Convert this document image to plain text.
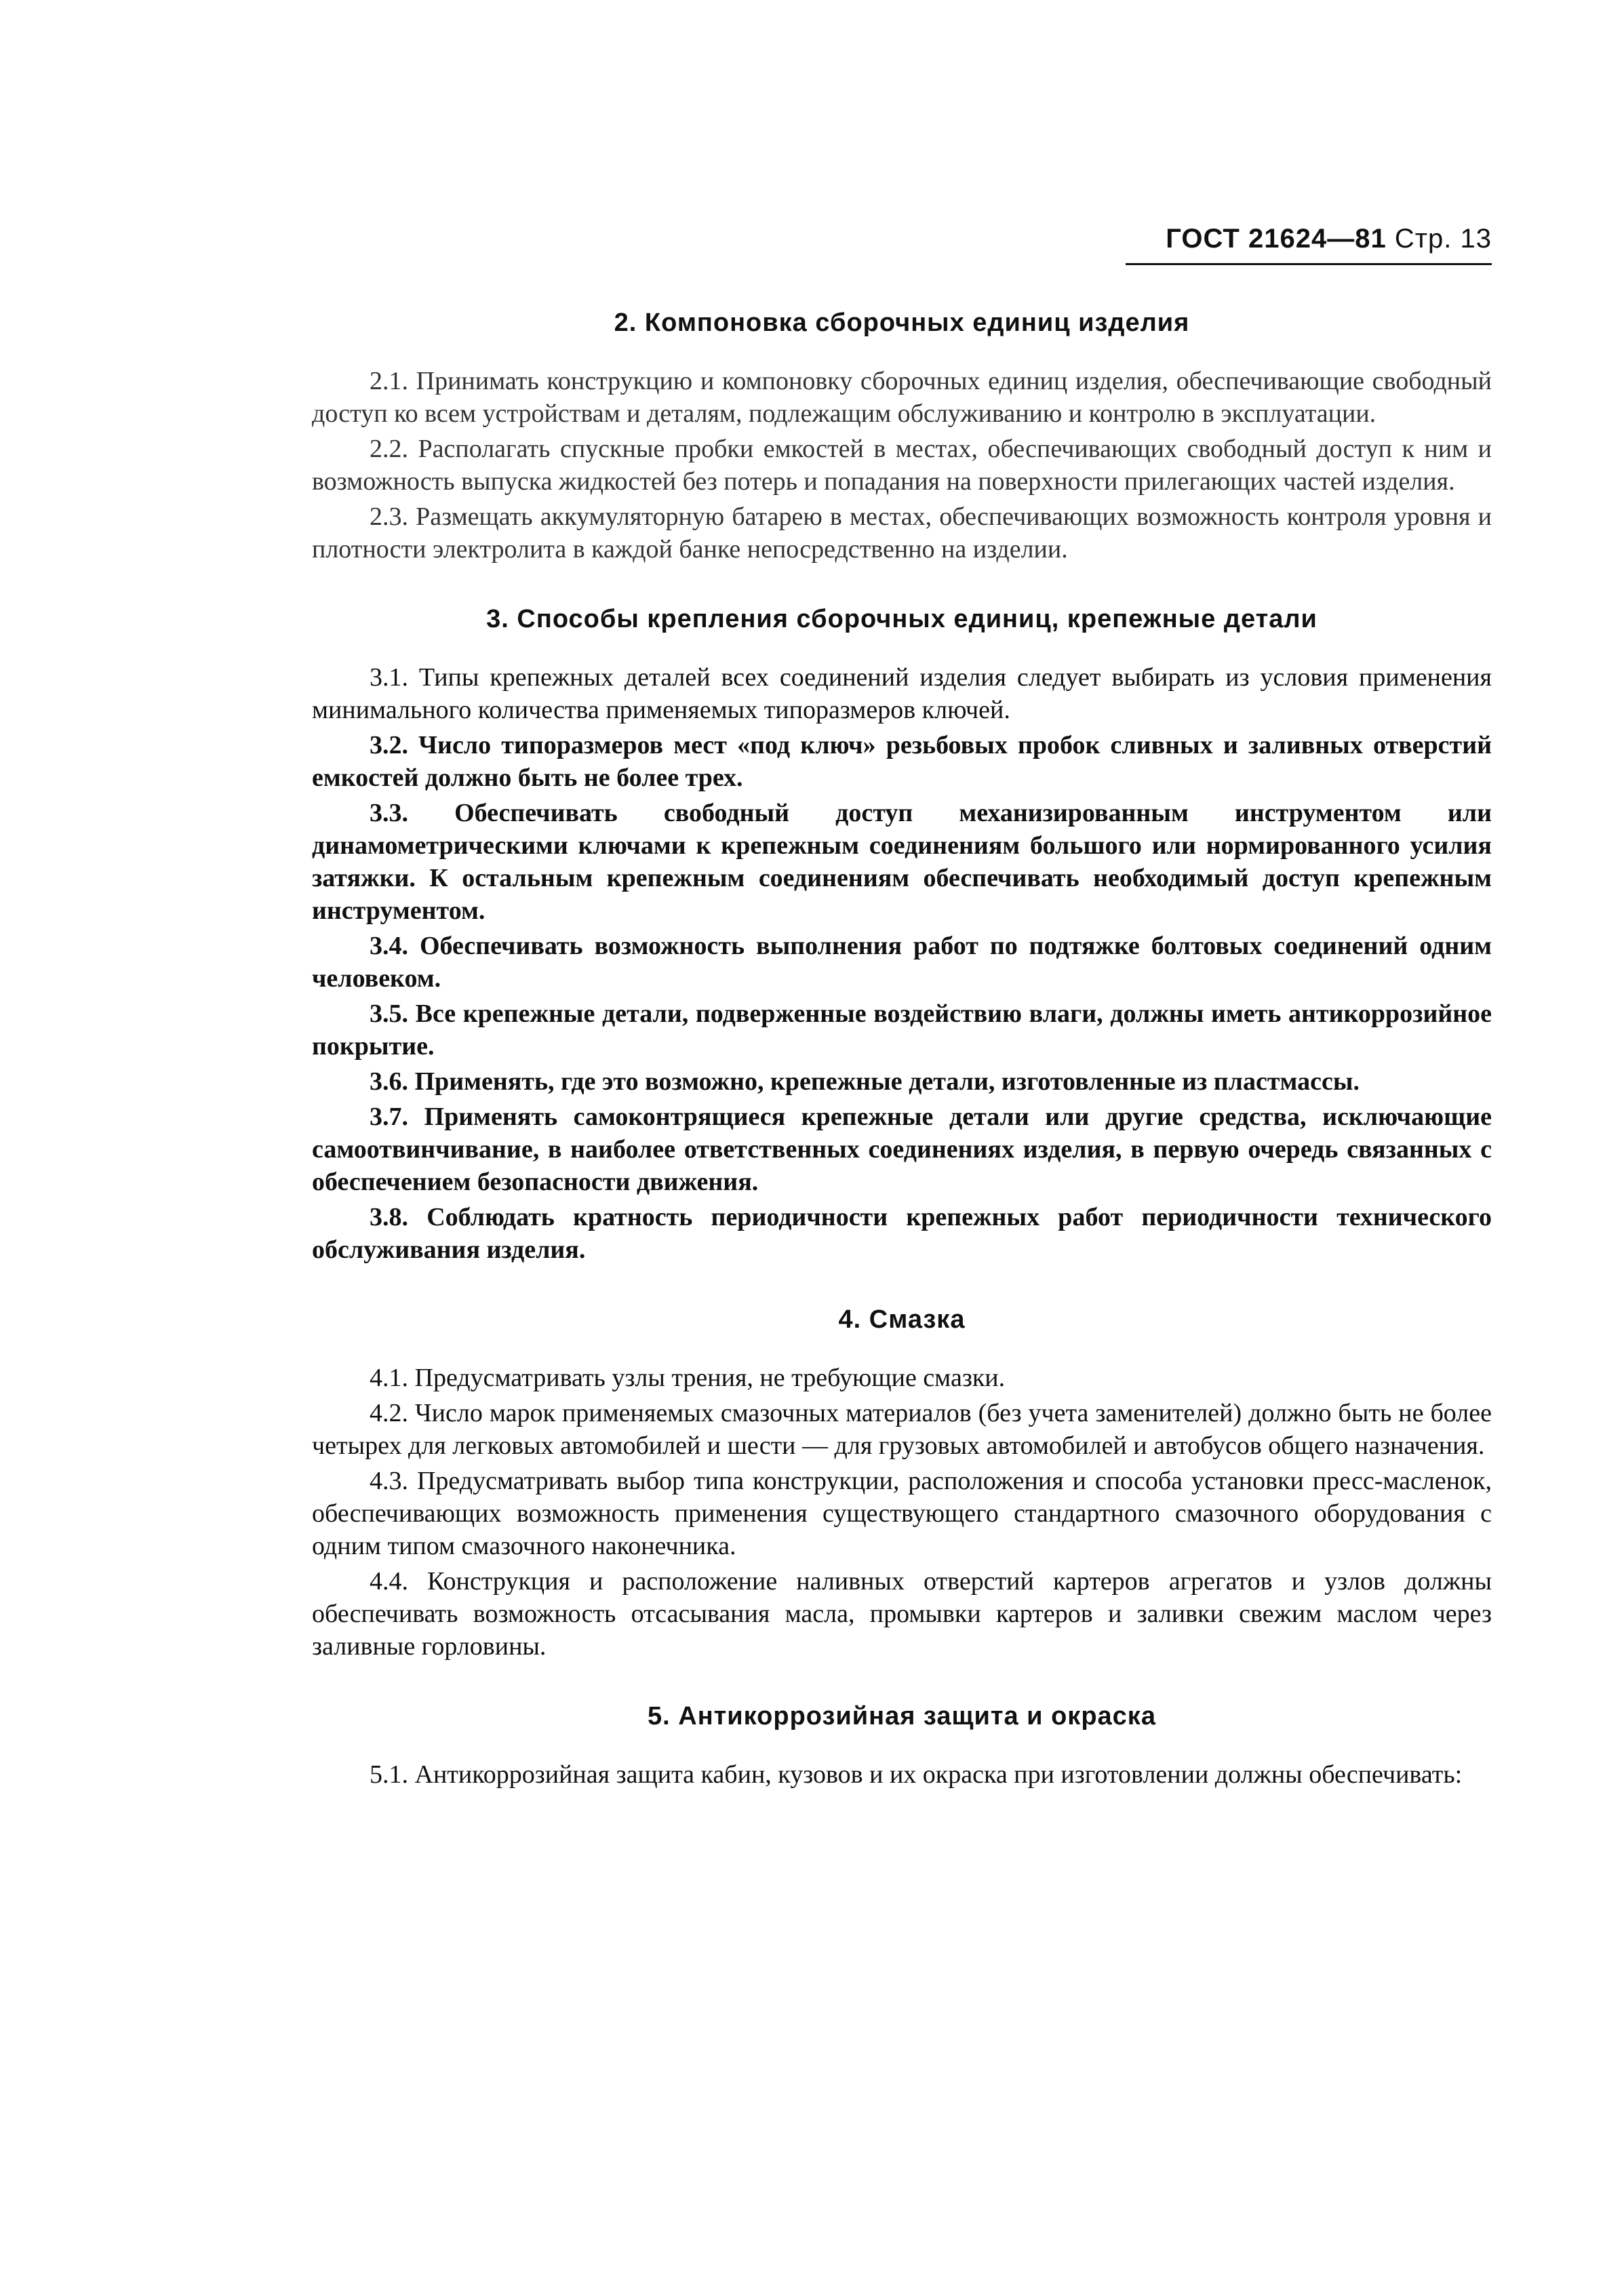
ГОСТ 21624—81 Стр. 13
2. Компоновка сборочных единиц изделия

2.1. Принимать конструкцию и компоновку сборочных единиц изделия, обеспечивающие свободный доступ ко всем устройствам и деталям, подлежащим обслуживанию и контролю в эксплуатации.

2.2. Располагать спускные пробки емкостей в местах, обеспечивающих свободный доступ к ним и возможность выпуска жидкостей без потерь и попадания на поверхности прилегающих частей изделия.

2.3. Размещать аккумуляторную батарею в местах, обеспечивающих возможность контроля уровня и плотности электролита в каждой банке непосредственно на изделии.

3. Способы крепления сборочных единиц, крепежные детали

3.1. Типы крепежных деталей всех соединений изделия следует выбирать из условия применения минимального количества применяемых типоразмеров ключей.

3.2. Число типоразмеров мест «под ключ» резьбовых пробок сливных и заливных отверстий емкостей должно быть не более трех.

3.3. Обеспечивать свободный доступ механизированным инструментом или динамометрическими ключами к крепежным соединениям большого или нормированного усилия затяжки. К остальным крепежным соединениям обеспечивать необходимый доступ крепежным инструментом.

3.4. Обеспечивать возможность выполнения работ по подтяжке болтовых соединений одним человеком.

3.5. Все крепежные детали, подверженные воздействию влаги, должны иметь антикоррозийное покрытие.

3.6. Применять, где это возможно, крепежные детали, изготовленные из пластмассы.

3.7. Применять самоконтрящиеся крепежные детали или другие средства, исключающие самоотвинчивание, в наиболее ответственных соединениях изделия, в первую очередь связанных с обеспечением безопасности движения.

3.8. Соблюдать кратность периодичности крепежных работ периодичности технического обслуживания изделия.

4. Смазка

4.1. Предусматривать узлы трения, не требующие смазки.

4.2. Число марок применяемых смазочных материалов (без учета заменителей) должно быть не более четырех для легковых автомобилей и шести — для грузовых автомобилей и автобусов общего назначения.

4.3. Предусматривать выбор типа конструкции, расположения и способа установки пресс-масленок, обеспечивающих возможность применения существующего стандартного смазочного оборудования с одним типом смазочного наконечника.

4.4. Конструкция и расположение наливных отверстий картеров агрегатов и узлов должны обеспечивать возможность отсасывания масла, промывки картеров и заливки свежим маслом через заливные горловины.

5. Антикоррозийная защита и окраска

5.1. Антикоррозийная защита кабин, кузовов и их окраска при изготовлении должны обеспечивать:
